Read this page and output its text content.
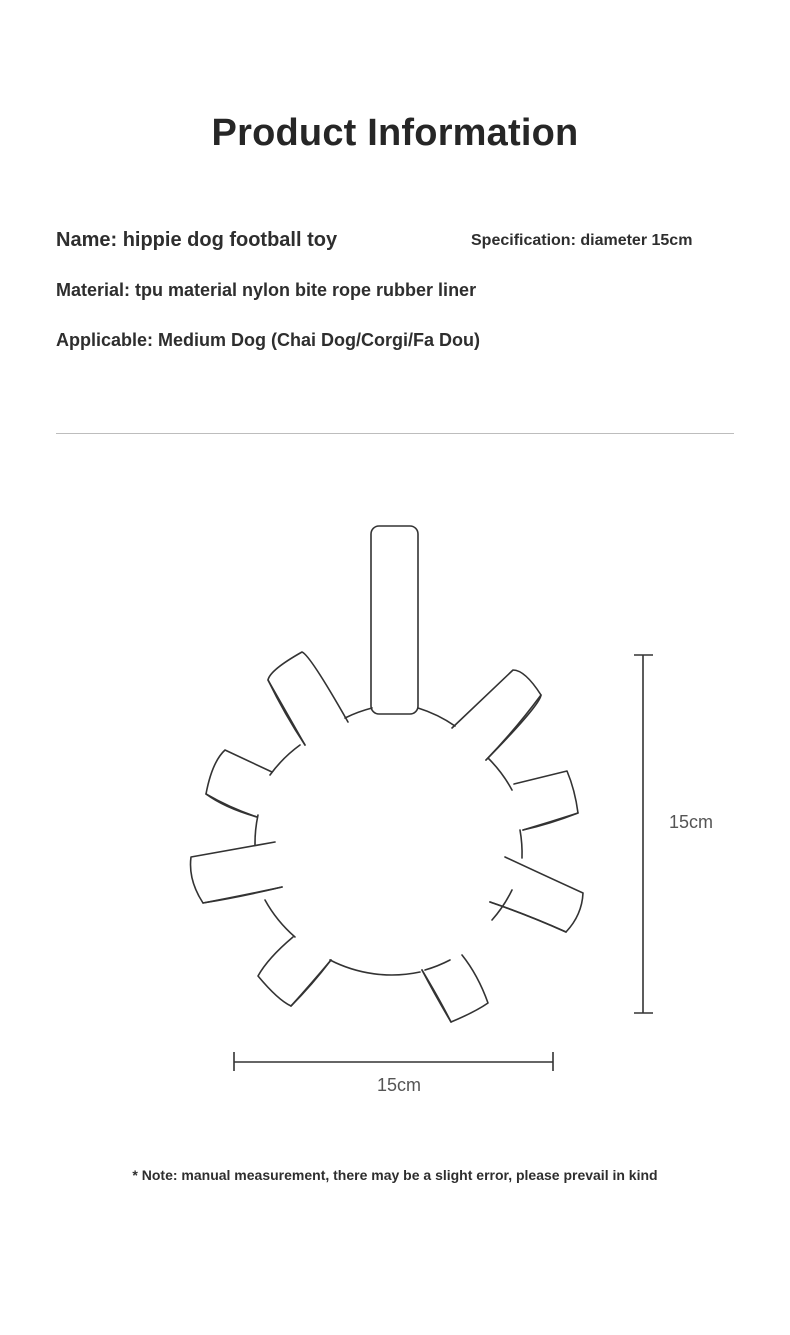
Product Information
Name: hippie dog football toy	Specification: diameter 15cm
Material: tpu material nylon bite rope rubber liner
Applicable: Medium Dog (Chai Dog/Corgi/Fa Dou)
15cm
15cm
* Note: manual measurement, there may be a slight error, please prevail in kind
